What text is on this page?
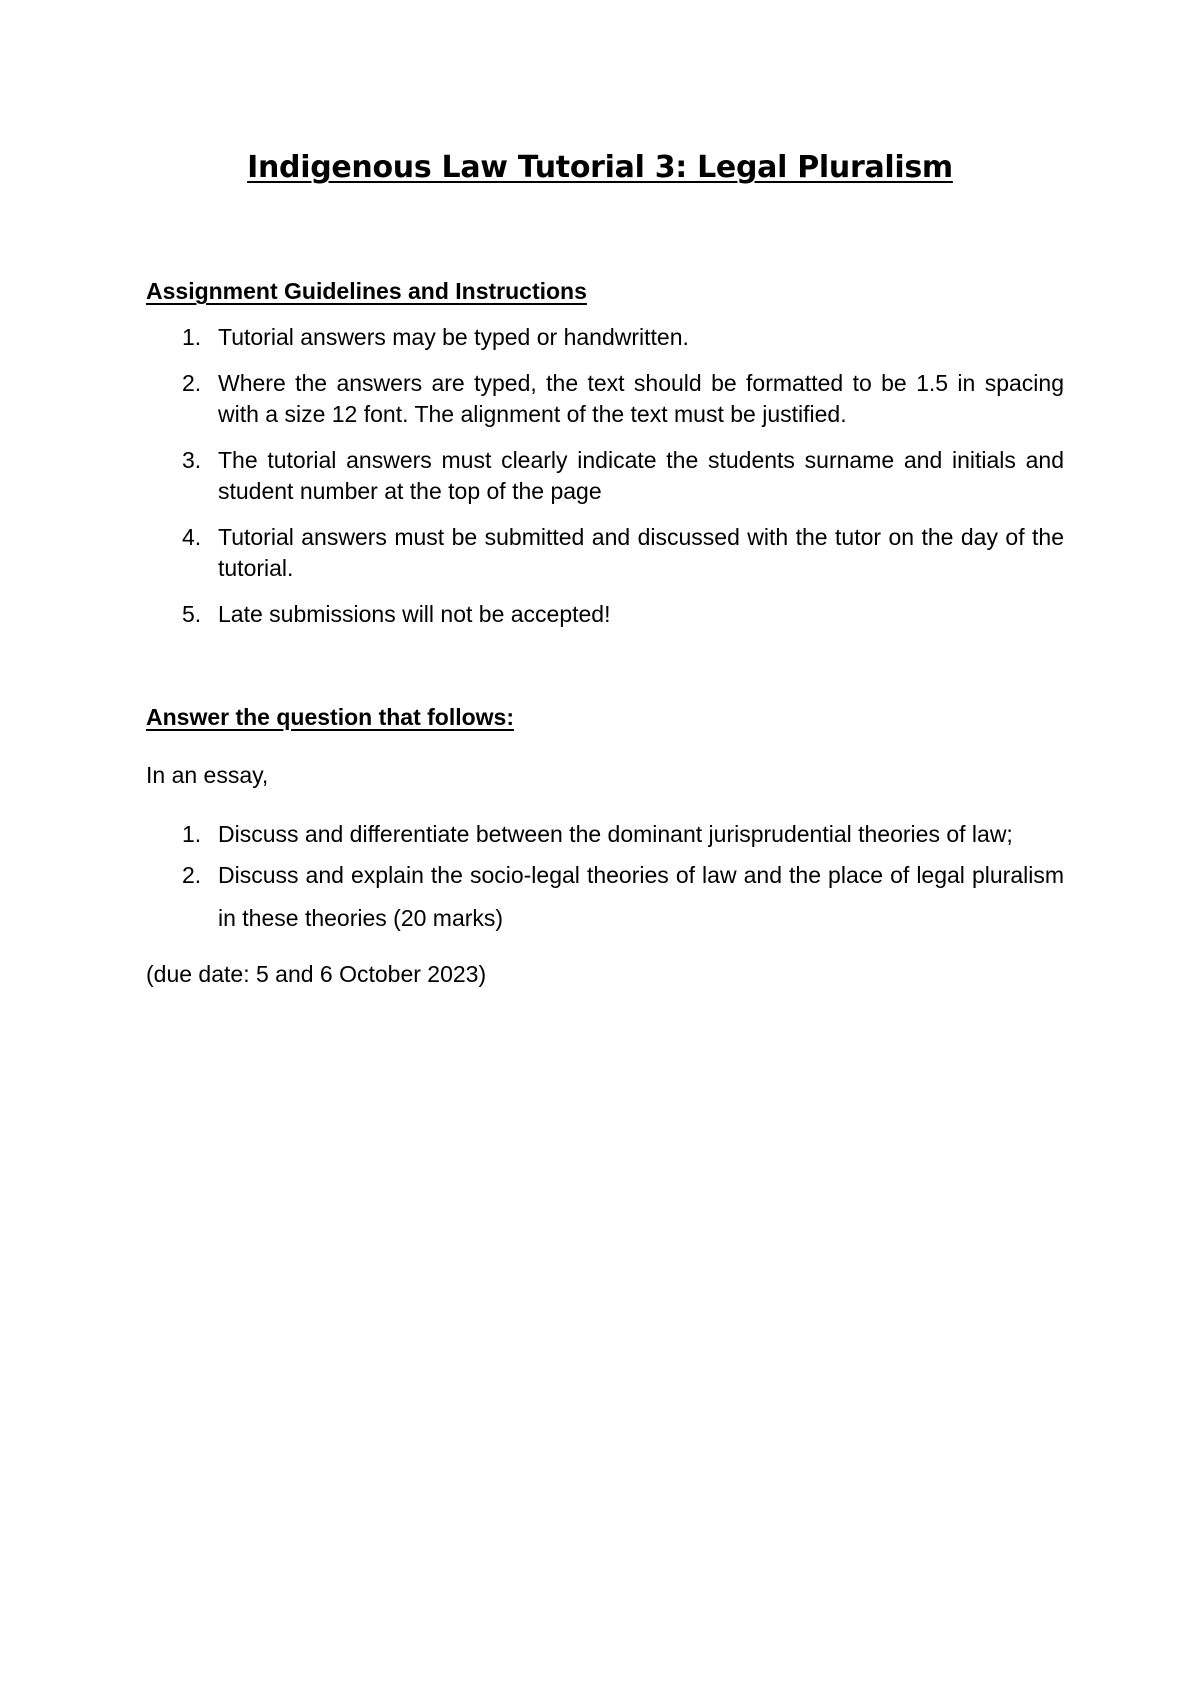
Indigenous Law Tutorial 3: Legal Pluralism
Assignment Guidelines and Instructions
1. Tutorial answers may be typed or handwritten.
2. Where the answers are typed, the text should be formatted to be 1.5 in spacing with a size 12 font. The alignment of the text must be justified.
3. The tutorial answers must clearly indicate the students surname and initials and student number at the top of the page
4. Tutorial answers must be submitted and discussed with the tutor on the day of the tutorial.
5. Late submissions will not be accepted!
Answer the question that follows:

In an essay,

1. Discuss and differentiate between the dominant jurisprudential theories of law;
2. Discuss and explain the socio-legal theories of law and the place of legal pluralism in these theories (20 marks)

(due date: 5 and 6 October 2023)
